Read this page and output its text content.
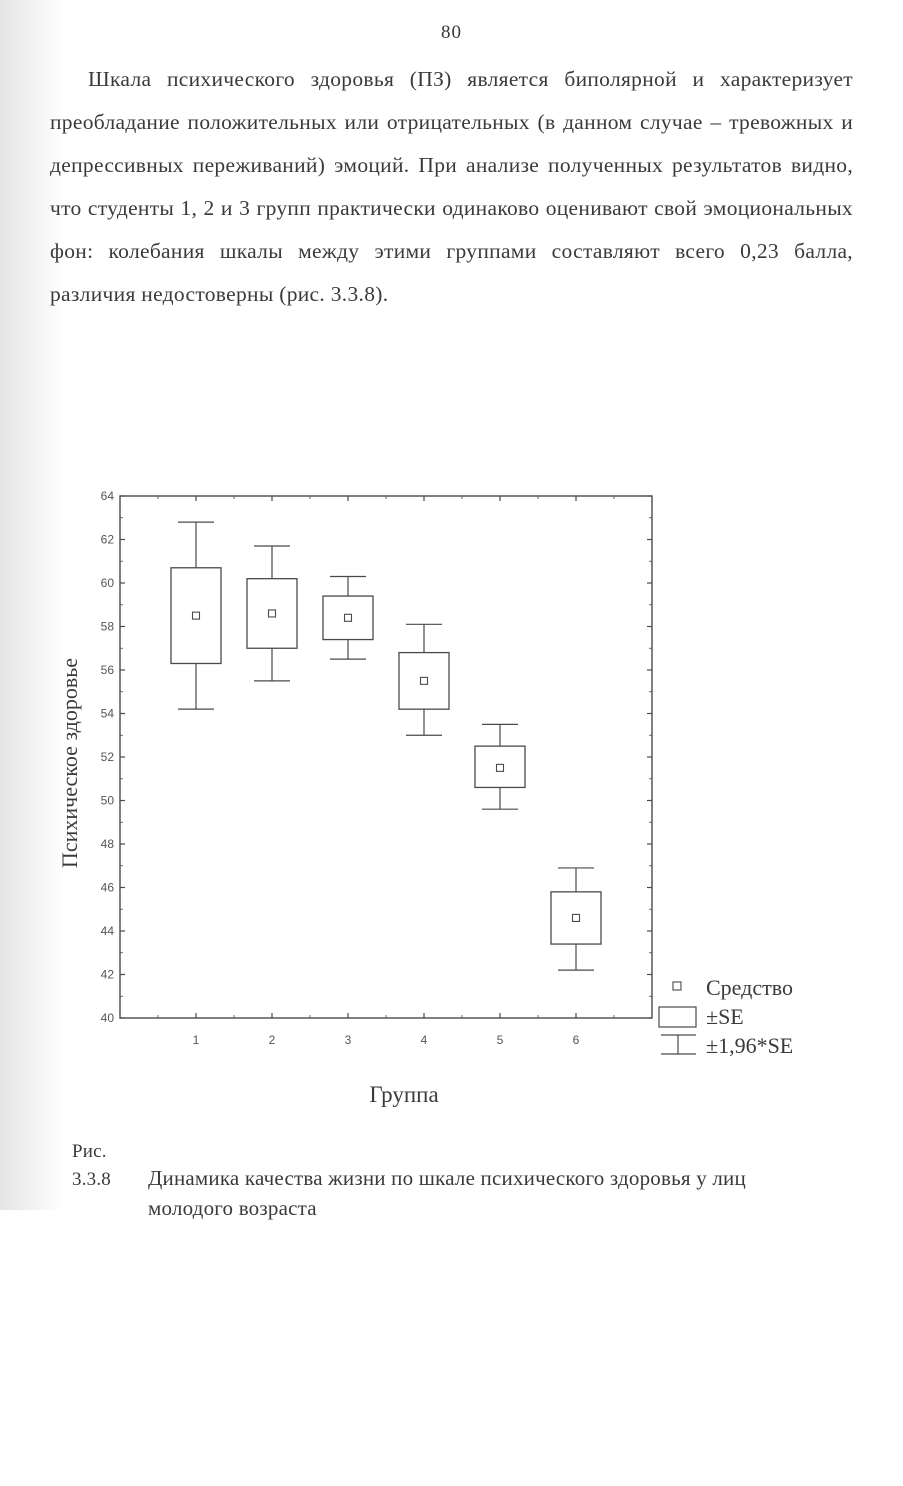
80

Шкала психического здоровья (ПЗ) является биполярной и характеризует преобладание положительных или отрицательных (в данном случае – тревожных и депрессивных переживаний) эмоций. При анализе полученных результатов видно, что студенты 1, 2 и 3 групп практически одинаково оценивают свой эмоциональных фон: колебания шкалы между этими группами составляют всего 0,23 балла, различия недостоверны (рис. 3.3.8).

40
42
44
46
48
50
52
54
56
58
60
62
64
1	2	3	4	5	6
Группа
Психическое здоровье
Средство
±SE
±1,96*SE
Рис. 3.3.8 Динамика качества жизни по шкале психического здоровья у лиц
молодого возраста
